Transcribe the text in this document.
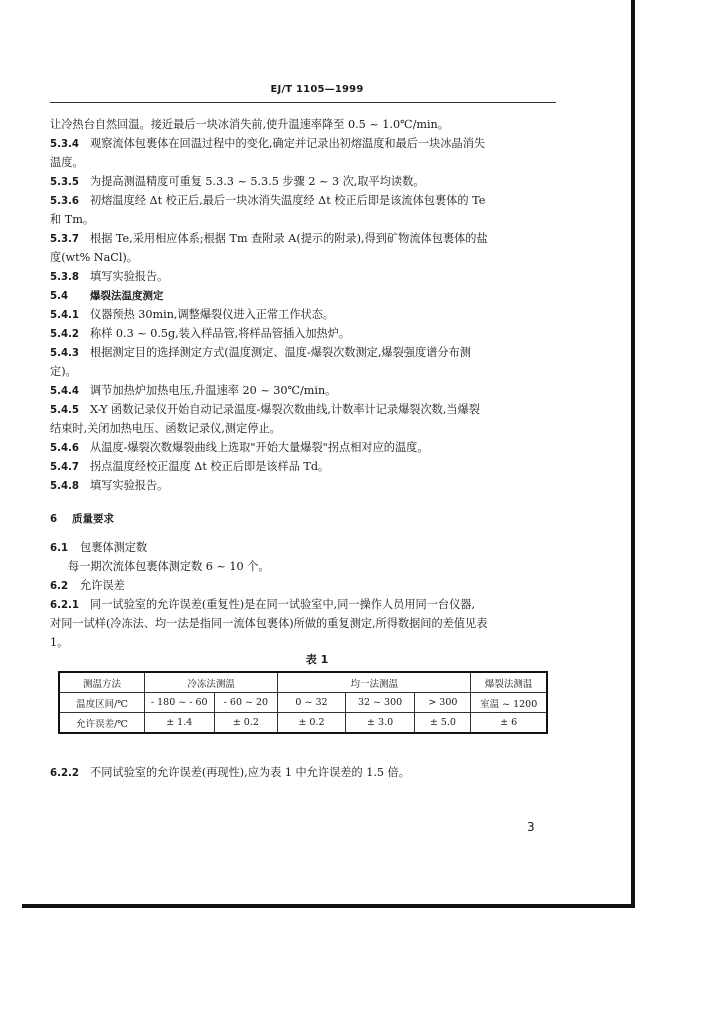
EJ/T 1105—1999
让冷热台自然回温。接近最后一块冰消失前,使升温速率降至 0.5 ~ 1.0℃/min。
5.3.4 观察流体包裹体在回温过程中的变化,确定并记录出初熔温度和最后一块冰晶消失
温度。
5.3.5 为提高测温精度可重复 5.3.3 ~ 5.3.5 步骤 2 ~ 3 次,取平均读数。
5.3.6 初熔温度经 Δt 校正后,最后一块冰消失温度经 Δt 校正后即是该流体包裹体的 Te
和 Tm。
5.3.7 根据 Te,采用相应体系;根据 Tm 查附录 A(提示的附录),得到矿物流体包裹体的盐
度(wt% NaCl)。
5.3.8 填写实验报告。
5.4 爆裂法温度测定
5.4.1 仪器预热 30min,调整爆裂仪进入正常工作状态。
5.4.2 称样 0.3 ~ 0.5g,装入样品管,将样品管插入加热炉。
5.4.3 根据测定目的选择测定方式(温度测定、温度-爆裂次数测定,爆裂强度谱分布测
定)。
5.4.4 调节加热炉加热电压,升温速率 20 ~ 30℃/min。
5.4.5 X-Y 函数记录仪开始自动记录温度-爆裂次数曲线,计数率计记录爆裂次数,当爆裂
结束时,关闭加热电压、函数记录仪,测定停止。
5.4.6 从温度-爆裂次数爆裂曲线上选取"开始大量爆裂"拐点相对应的温度。
5.4.7 拐点温度经校正温度 Δt 校正后即是该样品 Td。
5.4.8 填写实验报告。
6 质量要求
6.1 包裹体测定数
每一期次流体包裹体测定数 6 ~ 10 个。
6.2 允许误差
6.2.1 同一试验室的允许误差(重复性)是在同一试验室中,同一操作人员用同一台仪器,
对同一试样(冷冻法、均一法是指同一流体包裹体)所做的重复测定,所得数据间的差值见表
1。
表 1
测温方法	冷冻法测温		均一法测温			爆裂法测温
温度区间/℃	- 180 ~ - 60	- 60 ~ 20	0 ~ 32	32 ~ 300	> 300	室温 ~ 1200
允许误差/℃	± 1.4	± 0.2	± 0.2	± 3.0	± 5.0	± 6
6.2.2 不同试验室的允许误差(再现性),应为表 1 中允许误差的 1.5 倍。
3
